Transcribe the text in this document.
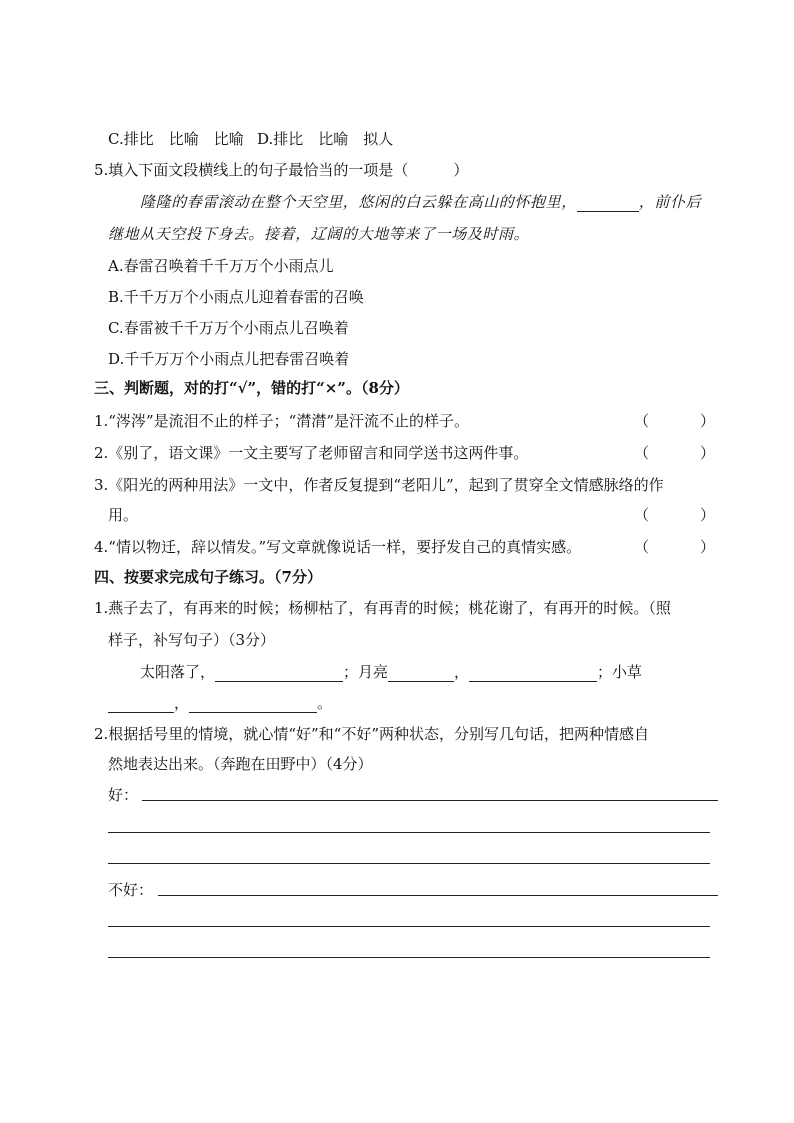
C.排比　比喻　比喻 D.排比　比喻　拟人
5.填入下面文段横线上的句子最恰当的一项是（　　　）
隆隆的春雷滚动在整个天空里，悠闲的白云躲在高山的怀抱里，	，前仆后
继地从天空投下身去。接着，辽阔的大地等来了一场及时雨。
A.春雷召唤着千千万万个小雨点儿
B.千千万万个小雨点儿迎着春雷的召唤
C.春雷被千千万万个小雨点儿召唤着
D.千千万万个小雨点儿把春雷召唤着
三、判断题，对的打“√”，错的打“×”。（8分）
1.“涔涔”是流泪不止的样子；“潸潸”是汗流不止的样子。	（	）
2.《别了，语文课》一文主要写了老师留言和同学送书这两件事。	（	）
3.《阳光的两种用法》一文中，作者反复提到“老阳儿”，起到了贯穿全文情感脉络的作
用。	（	）
4.“情以物迁，辞以情发。”写文章就像说话一样，要抒发自己的真情实感。	（	）
四、按要求完成句子练习。（7分）
1.燕子去了，有再来的时候；杨柳枯了，有再青的时候；桃花谢了，有再开的时候。（照
样子，补写句子）（3分）
太阳落了，	；月亮	，	；小草
，	。
2.根据括号里的情境，就心情“好”和“不好”两种状态，分别写几句话，把两种情感自
然地表达出来。（奔跑在田野中）（4分）
好：
不好：
